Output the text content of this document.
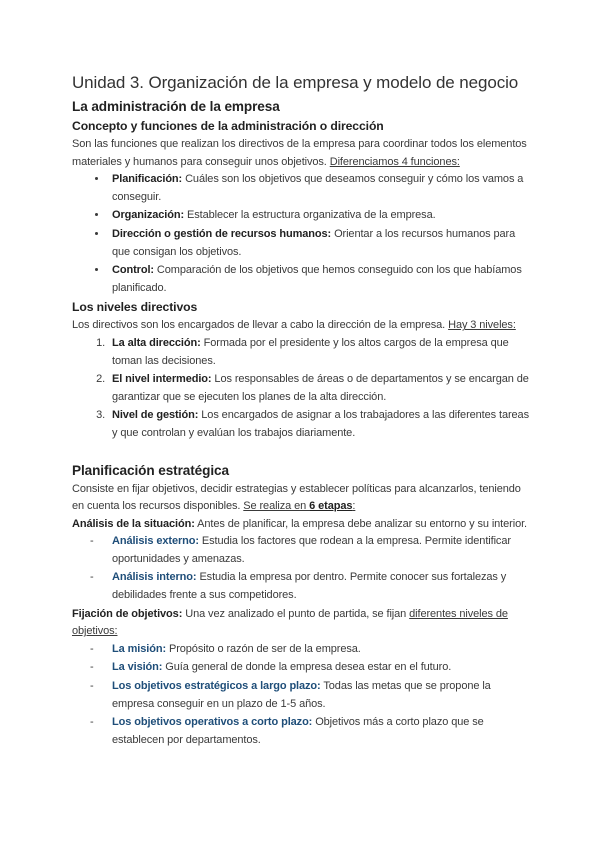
Unidad 3. Organización de la empresa y modelo de negocio
La administración de la empresa
Concepto y funciones de la administración o dirección

Son las funciones que realizan los directivos de la empresa para coordinar todos los elementos materiales y humanos para conseguir unos objetivos. Diferenciamos 4 funciones:

• Planificación: Cuáles son los objetivos que deseamos conseguir y cómo los vamos a conseguir.
• Organización: Establecer la estructura organizativa de la empresa.
• Dirección o gestión de recursos humanos: Orientar a los recursos humanos para que consigan los objetivos.
• Control: Comparación de los objetivos que hemos conseguido con los que habíamos planificado.
Los niveles directivos

Los directivos son los encargados de llevar a cabo la dirección de la empresa. Hay 3 niveles:

1. La alta dirección: Formada por el presidente y los altos cargos de la empresa que toman las decisiones.
2. El nivel intermedio: Los responsables de áreas o de departamentos y se encargan de garantizar que se ejecuten los planes de la alta dirección.
3. Nivel de gestión: Los encargados de asignar a los trabajadores a las diferentes tareas y que controlan y evalúan los trabajos diariamente.
Planificación estratégica

Consiste en fijar objetivos, decidir estrategias y establecer políticas para alcanzarlos, teniendo en cuenta los recursos disponibles. Se realiza en 6 etapas:

Análisis de la situación: Antes de planificar, la empresa debe analizar su entorno y su interior.

- Análisis externo: Estudia los factores que rodean a la empresa. Permite identificar oportunidades y amenazas.
- Análisis interno: Estudia la empresa por dentro. Permite conocer sus fortalezas y debilidades frente a sus competidores.

Fijación de objetivos: Una vez analizado el punto de partida, se fijan diferentes niveles de objetivos:

- La misión: Propósito o razón de ser de la empresa.
- La visión: Guía general de donde la empresa desea estar en el futuro.
- Los objetivos estratégicos a largo plazo: Todas las metas que se propone la empresa conseguir en un plazo de 1-5 años.
- Los objetivos operativos a corto plazo: Objetivos más a corto plazo que se establecen por departamentos.
